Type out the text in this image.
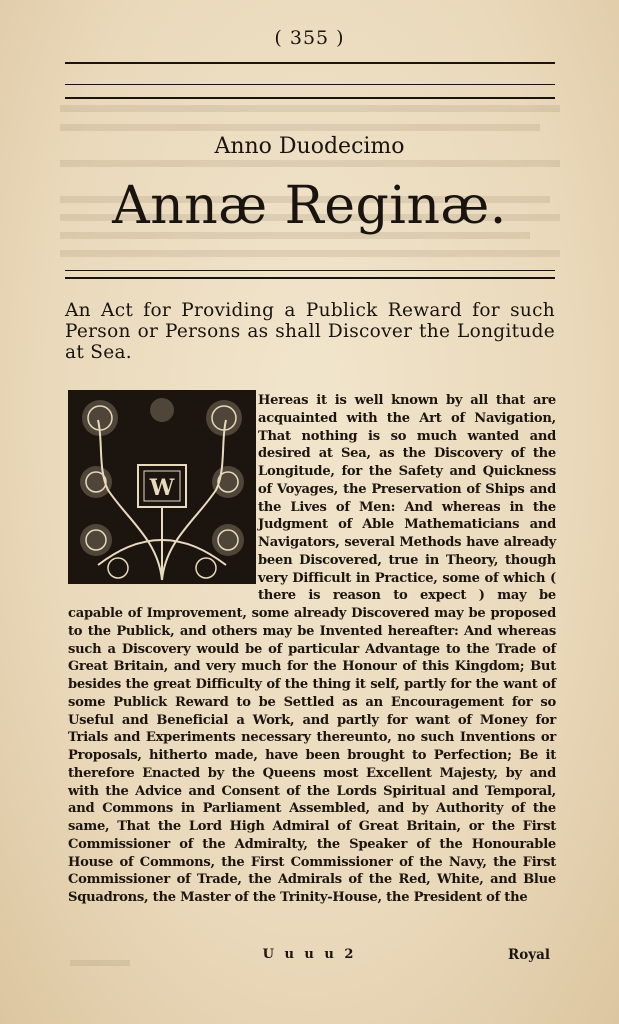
( 355 )
Anno Duodecimo
Annæ Reginæ.
An Act for Providing a Publick Reward for such Person or Persons as shall Discover the Longitude at Sea.
W
Hereas it is well known by all that are acquainted with the Art of Navigation, That nothing is so much wanted and desired at Sea, as the Discovery of the Longitude, for the Safety and Quickness of Voyages, the Preservation of Ships and the Lives of Men: And whereas in the Judgment of Able Mathematicians and Navigators, several Methods have already been Discovered, true in Theory, though very Difficult in Practice, some of which ( there is reason to expect ) may be capable of Improvement, some already Discovered may be proposed to the Publick, and others may be Invented hereafter: And whereas such a Discovery would be of particular Advantage to the Trade of Great Britain, and very much for the Honour of this Kingdom; But besides the great Difficulty of the thing it self, partly for the want of some Publick Reward to be Settled as an Encouragement for so Useful and Beneficial a Work, and partly for want of Money for Trials and Experiments necessary thereunto, no such Inventions or Proposals, hitherto made, have been brought to Perfection; Be it therefore Enacted by the Queens most Excellent Majesty, by and with the Advice and Consent of the Lords Spiritual and Temporal, and Commons in Parliament Assembled, and by Authority of the same, That the Lord High Admiral of Great Britain, or the First Commissioner of the Admiralty, the Speaker of the Honourable House of Commons, the First Commissioner of the Navy, the First Commissioner of Trade, the Admirals of the Red, White, and Blue Squadrons, the Master of the Trinity-House, the President of the
U u u u 2	Royal
